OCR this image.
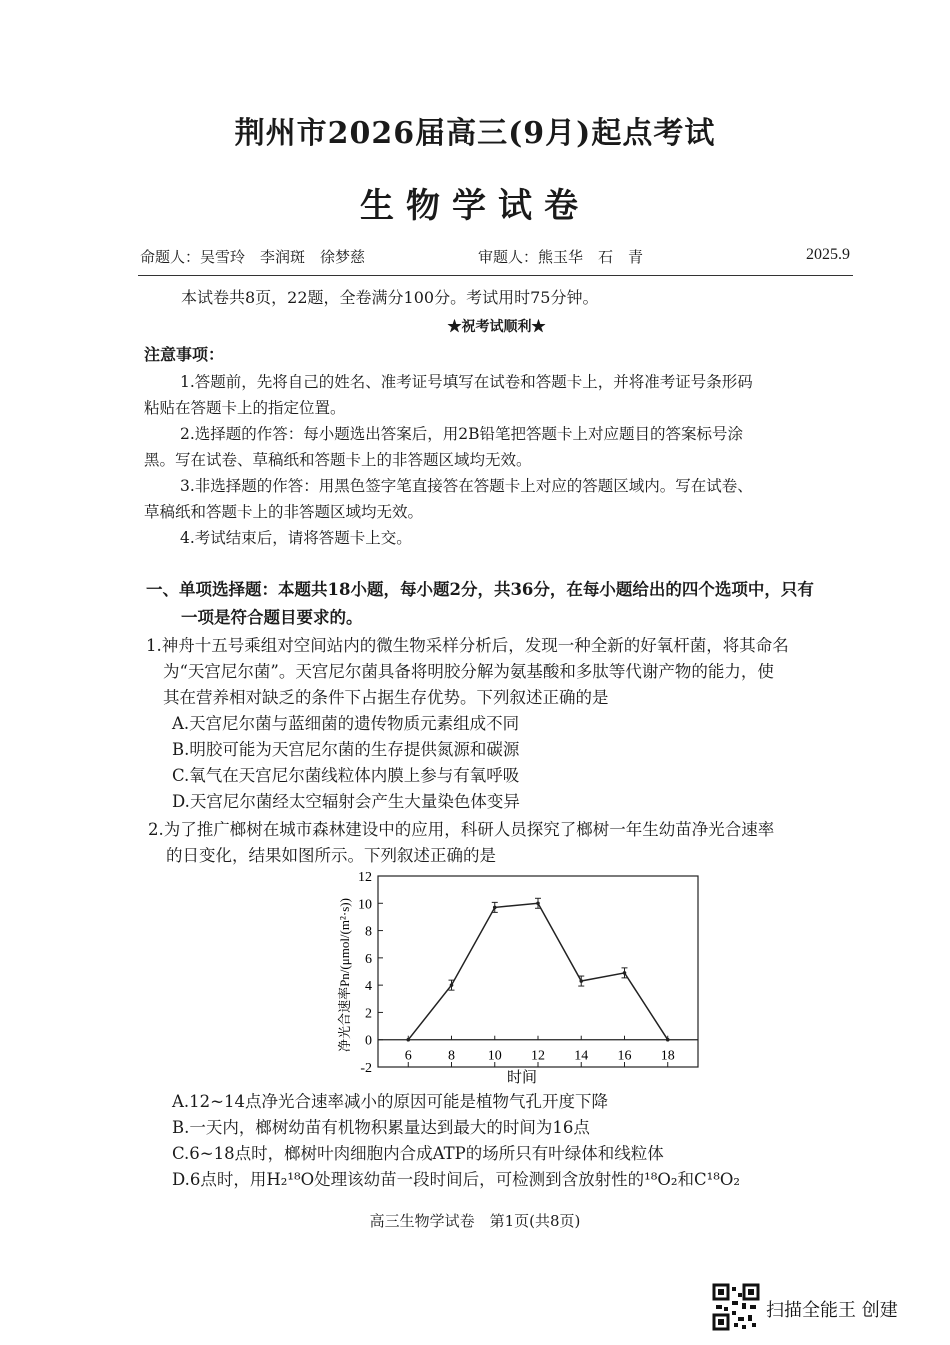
荆州市2026届高三(9月)起点考试
生物学试卷
命题人：吴雪玲　李润斑　徐梦慈	审题人：熊玉华　石　青	2025.9
本试卷共8页，22题，全卷满分100分。考试用时75分钟。
★祝考试顺利★
注意事项：
1.答题前，先将自己的姓名、准考证号填写在试卷和答题卡上，并将准考证号条形码
粘贴在答题卡上的指定位置。
2.选择题的作答：每小题选出答案后，用2B铅笔把答题卡上对应题目的答案标号涂
黑。写在试卷、草稿纸和答题卡上的非答题区域均无效。
3.非选择题的作答：用黑色签字笔直接答在答题卡上对应的答题区域内。写在试卷、
草稿纸和答题卡上的非答题区域均无效。
4.考试结束后，请将答题卡上交。
一、单项选择题：本题共18小题，每小题2分，共36分，在每小题给出的四个选项中，只有
一项是符合题目要求的。
1.神舟十五号乘组对空间站内的微生物采样分析后，发现一种全新的好氧杆菌，将其命名
为“天宫尼尔菌”。天宫尼尔菌具备将明胶分解为氨基酸和多肽等代谢产物的能力，使
其在营养相对缺乏的条件下占据生存优势。下列叙述正确的是
A.天宫尼尔菌与蓝细菌的遗传物质元素组成不同
B.明胶可能为天宫尼尔菌的生存提供氮源和碳源
C.氧气在天宫尼尔菌线粒体内膜上参与有氧呼吸
D.天宫尼尔菌经太空辐射会产生大量染色体变异
2.为了推广榔树在城市森林建设中的应用，科研人员探究了榔树一年生幼苗净光合速率
的日变化，结果如图所示。下列叙述正确的是
-2
0
2
4
6
8
10
12
6	8 10 12 14 16 18
时间
净光合速率Pn/(μmol/(m²·s))
A.12~14点净光合速率减小的原因可能是植物气孔开度下降
B.一天内，榔树幼苗有机物积累量达到最大的时间为16点
C.6~18点时，榔树叶肉细胞内合成ATP的场所只有叶绿体和线粒体
D.6点时，用H₂¹⁸O处理该幼苗一段时间后，可检测到含放射性的¹⁸O₂和C¹⁸O₂
高三生物学试卷　第1页(共8页)
扫描全能王 创建
